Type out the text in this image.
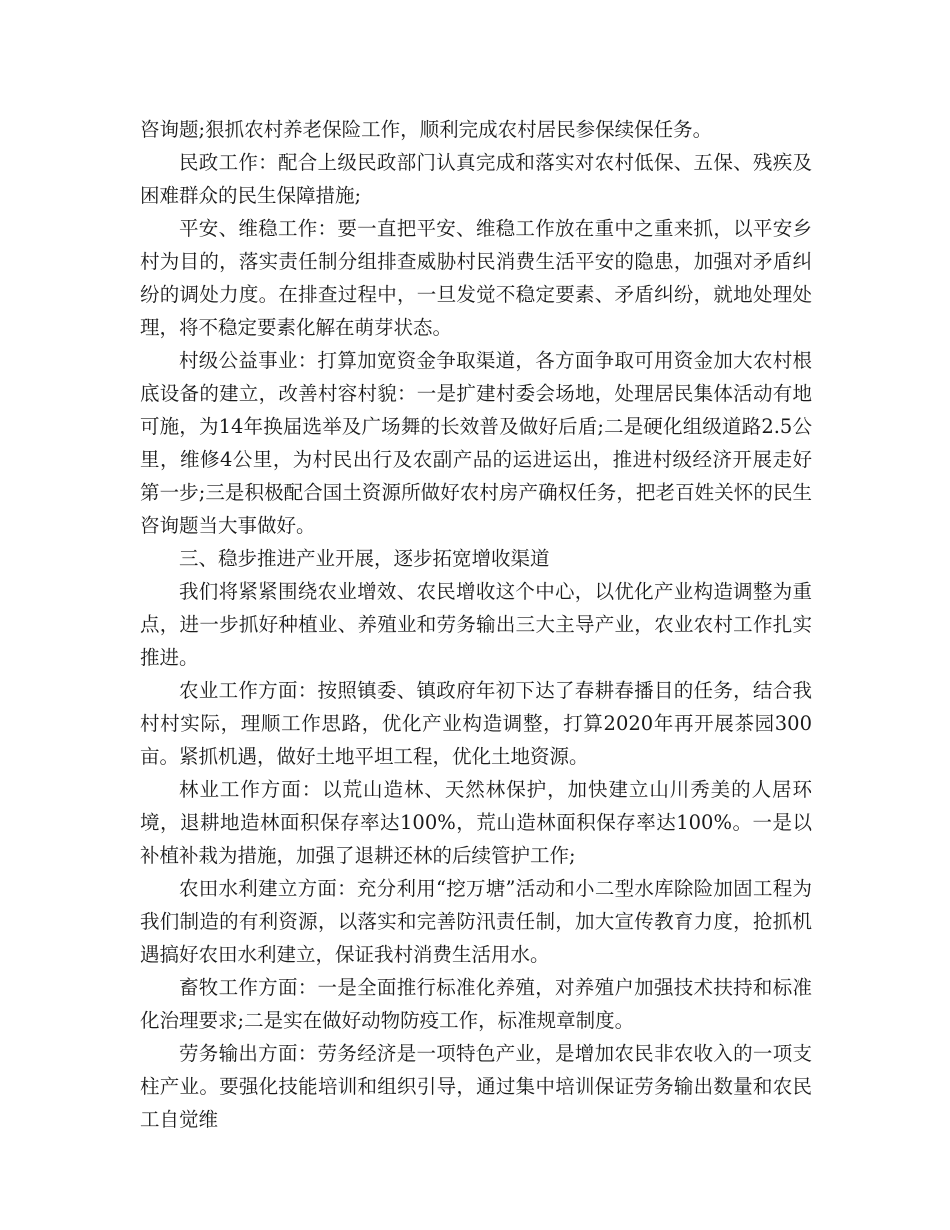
咨询题;狠抓农村养老保险工作，顺利完成农村居民参保续保任务。

民政工作：配合上级民政部门认真完成和落实对农村低保、五保、残疾及困难群众的民生保障措施;

平安、维稳工作：要一直把平安、维稳工作放在重中之重来抓，以平安乡村为目的，落实责任制分组排查威胁村民消费生活平安的隐患，加强对矛盾纠纷的调处力度。在排查过程中，一旦发觉不稳定要素、矛盾纠纷，就地处理处理，将不稳定要素化解在萌芽状态。

村级公益事业：打算加宽资金争取渠道，各方面争取可用资金加大农村根底设备的建立，改善村容村貌：一是扩建村委会场地，处理居民集体活动有地可施，为14年换届选举及广场舞的长效普及做好后盾;二是硬化组级道路2.5公里，维修4公里，为村民出行及农副产品的运进运出，推进村级经济开展走好第一步;三是积极配合国土资源所做好农村房产确权任务，把老百姓关怀的民生咨询题当大事做好。

三、稳步推进产业开展，逐步拓宽增收渠道

我们将紧紧围绕农业增效、农民增收这个中心，以优化产业构造调整为重点，进一步抓好种植业、养殖业和劳务输出三大主导产业，农业农村工作扎实推进。

农业工作方面：按照镇委、镇政府年初下达了春耕春播目的任务，结合我村村实际，理顺工作思路，优化产业构造调整，打算2020年再开展茶园300亩。紧抓机遇，做好土地平坦工程，优化土地资源。

林业工作方面：以荒山造林、天然林保护，加快建立山川秀美的人居环境，退耕地造林面积保存率达100%，荒山造林面积保存率达100%。一是以补植补栽为措施，加强了退耕还林的后续管护工作;

农田水利建立方面：充分利用“挖万塘”活动和小二型水库除险加固工程为我们制造的有利资源，以落实和完善防汛责任制，加大宣传教育力度，抢抓机遇搞好农田水利建立，保证我村消费生活用水。

畜牧工作方面：一是全面推行标准化养殖，对养殖户加强技术扶持和标准化治理要求;二是实在做好动物防疫工作，标准规章制度。

劳务输出方面：劳务经济是一项特色产业，是增加农民非农收入的一项支柱产业。要强化技能培训和组织引导，通过集中培训保证劳务输出数量和农民工自觉维
